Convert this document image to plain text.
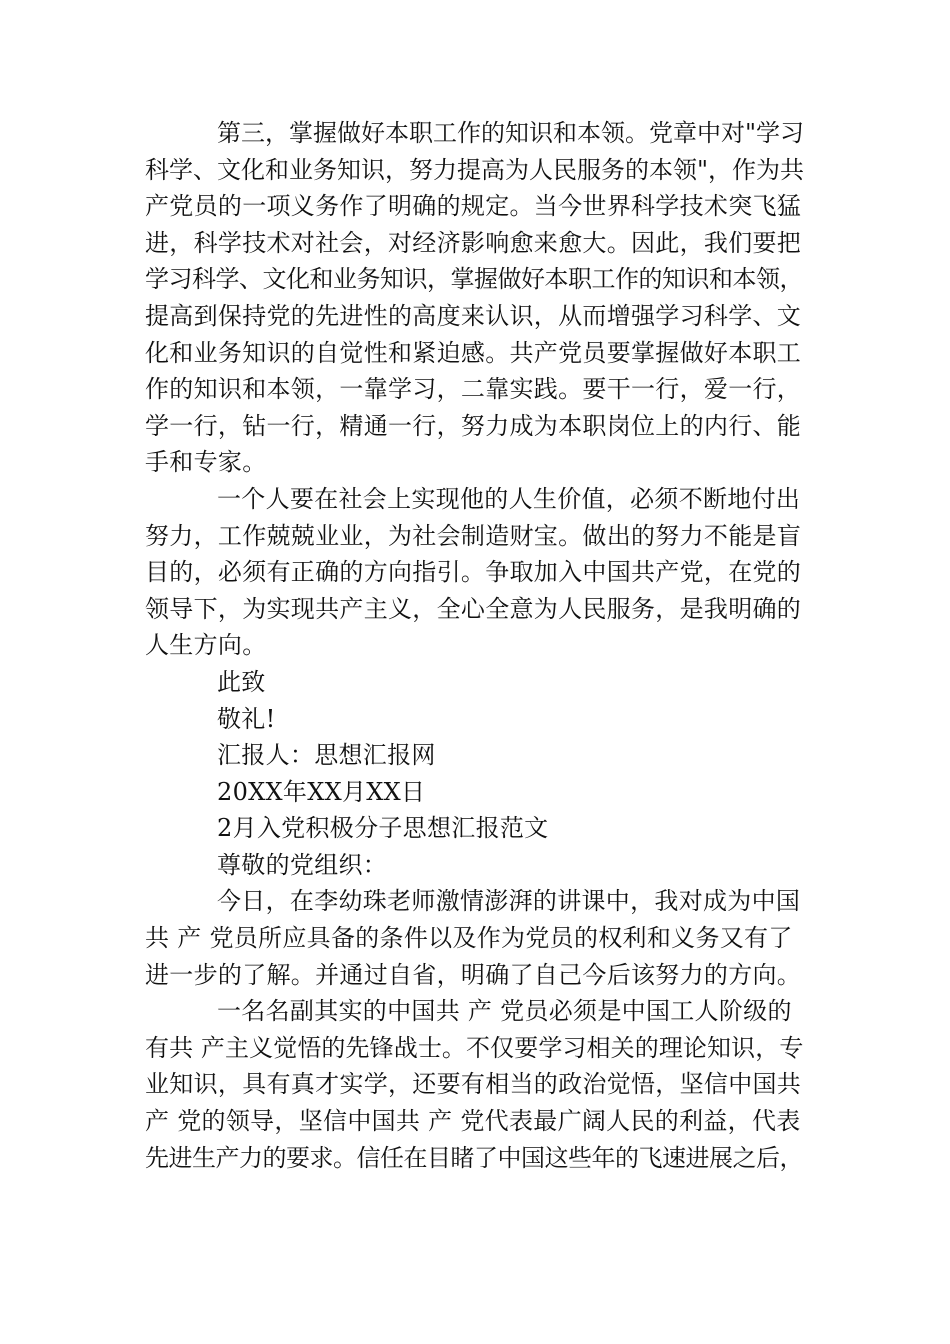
第三，掌握做好本职工作的知识和本领。党章中对"学习
科学、文化和业务知识，努力提高为人民服务的本领"，作为共
产党员的一项义务作了明确的规定。当今世界科学技术突飞猛
进，科学技术对社会，对经济影响愈来愈大。因此，我们要把
学习科学、文化和业务知识，掌握做好本职工作的知识和本领，
提高到保持党的先进性的高度来认识，从而增强学习科学、文
化和业务知识的自觉性和紧迫感。共产党员要掌握做好本职工
作的知识和本领，一靠学习，二靠实践。要干一行，爱一行，
学一行，钻一行，精通一行，努力成为本职岗位上的内行、能
手和专家。
一个人要在社会上实现他的人生价值，必须不断地付出
努力，工作兢兢业业，为社会制造财宝。做出的努力不能是盲
目的，必须有正确的方向指引。争取加入中国共产党，在党的
领导下，为实现共产主义，全心全意为人民服务，是我明确的
人生方向。
此致
敬礼!
汇报人：思想汇报网
20XX年XX月XX日
2月入党积极分子思想汇报范文
尊敬的党组织：
今日，在李幼珠老师激情澎湃的讲课中，我对成为中国
共 产 党员所应具备的条件以及作为党员的权利和义务又有了
进一步的了解。并通过自省，明确了自己今后该努力的方向。
一名名副其实的中国共 产 党员必须是中国工人阶级的
有共 产主义觉悟的先锋战士。不仅要学习相关的理论知识，专
业知识，具有真才实学，还要有相当的政治觉悟，坚信中国共
产 党的领导，坚信中国共 产 党代表最广阔人民的利益，代表
先进生产力的要求。信任在目睹了中国这些年的飞速进展之后，
